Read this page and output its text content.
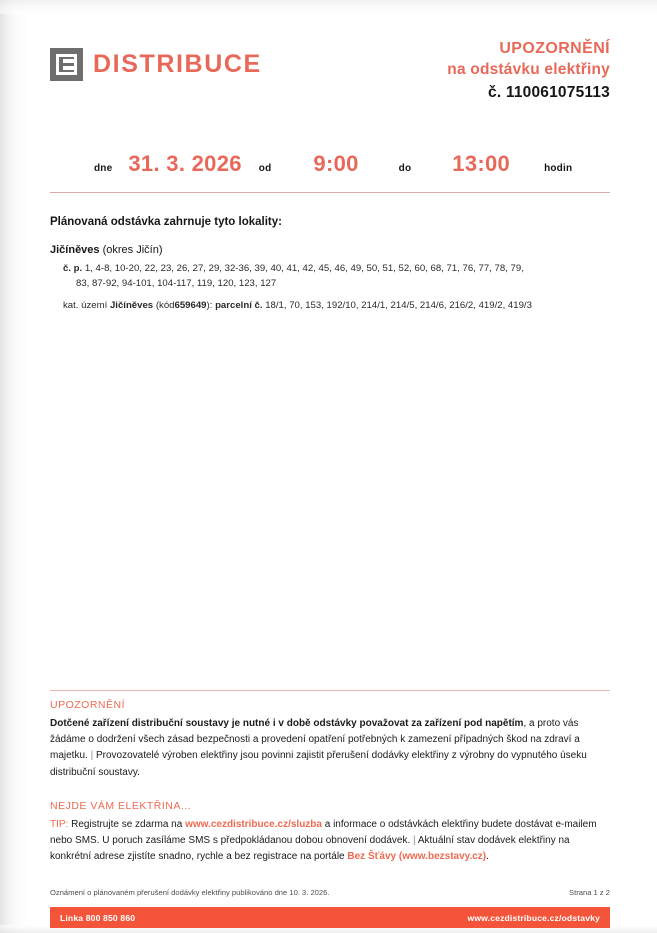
DISTRIBUCE
UPOZORNĚNÍ
na odstávku elektřiny
č. 110061075113
dne 31. 3. 2026 od 9:00	do 13:00	hodin
Plánovaná odstávka zahrnuje tyto lokality:
Jičíněves (okres Jičín)
č. p. 1, 4-8, 10-20, 22, 23, 26, 27, 29, 32-36, 39, 40, 41, 42, 45, 46, 49, 50, 51, 52, 60, 68, 71, 76, 77, 78, 79,
83, 87-92, 94-101, 104-117, 119, 120, 123, 127
kat. území Jičíněves (kód659649): parcelní č. 18/1, 70, 153, 192/10, 214/1, 214/5, 214/6, 216/2, 419/2, 419/3
UPOZORNĚNÍ
Dotčené zařízení distribuční soustavy je nutné i v době odstávky považovat za zařízení pod napětím, a proto vás žádáme o dodržení všech zásad bezpečnosti a provedení opatření potřebných k zamezení případných škod na zdraví a majetku. | Provozovatelé výroben elektřiny jsou povinni zajistit přerušení dodávky elektřiny z výrobny do vypnutého úseku distribuční soustavy.
NEJDE VÁM ELEKTŘINA...
TIP: Registrujte se zdarma na www.cezdistribuce.cz/sluzba a informace o odstávkách elektřiny budete dostávat e-mailem nebo SMS. U poruch zasíláme SMS s předpokládanou dobou obnovení dodávek. | Aktuální stav dodávek elektřiny na konkrétní adrese zjistíte snadno, rychle a bez registrace na portále Bez Šťávy (www.bezstavy.cz).
Oznámení o plánovaném přerušení dodávky elektřiny publikováno dne 10. 3. 2026.	Strana 1 z 2
Linka 800 850 860	www.cezdistribuce.cz/odstavky
